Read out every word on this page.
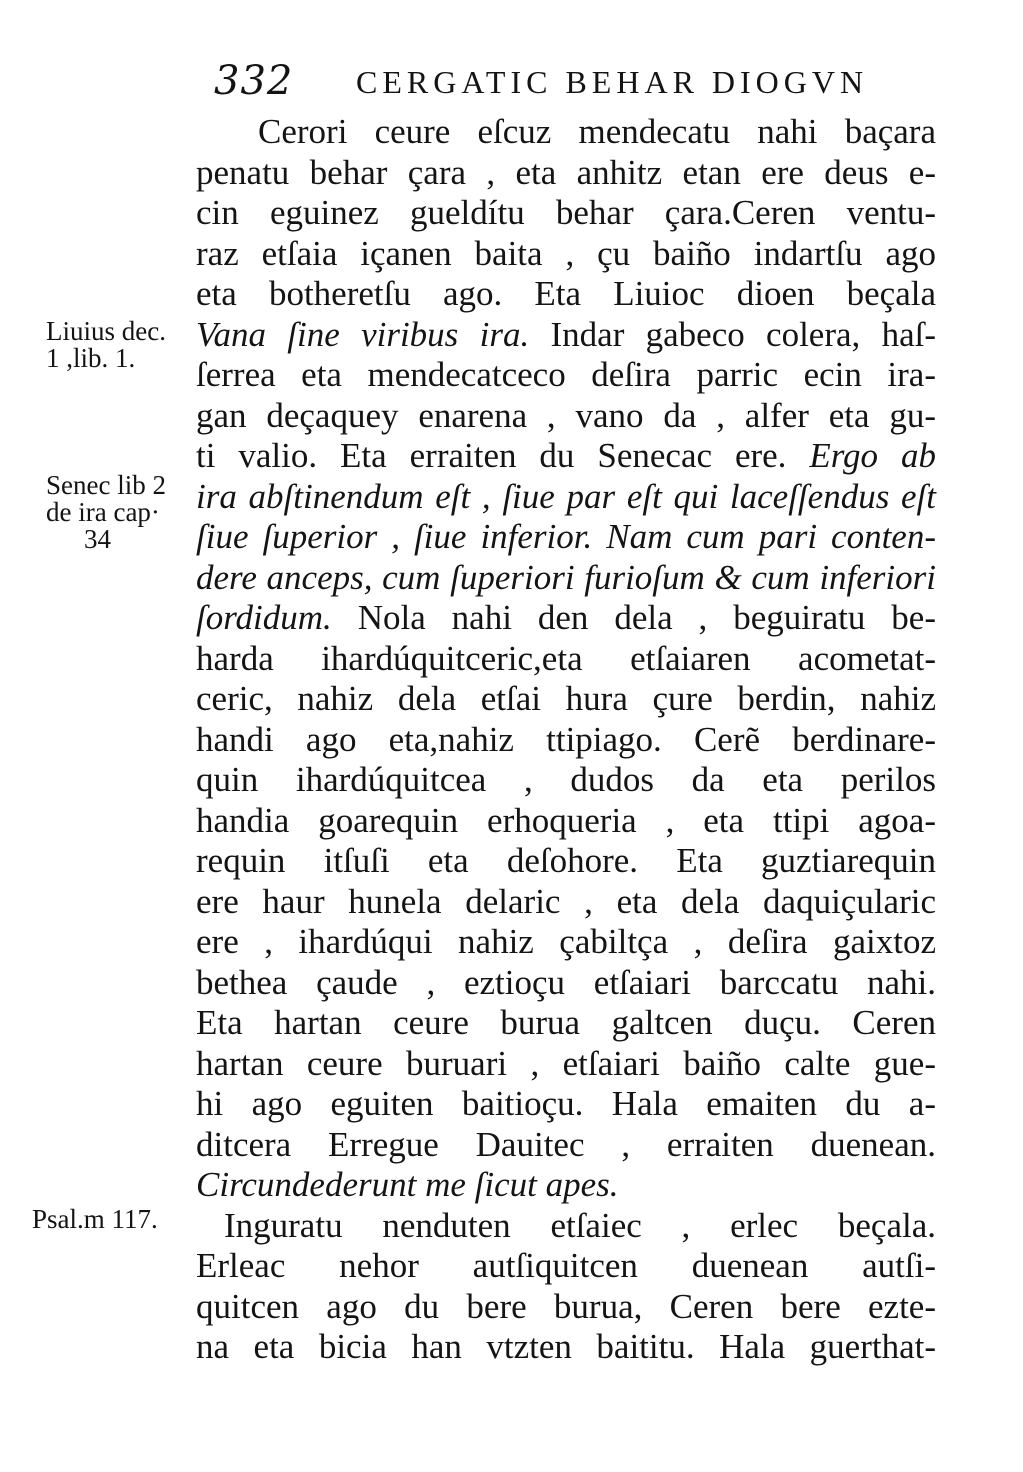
332 CERGATIC BEHAR DIOGVN
Liuius dec.
1 ,lib. 1.
Senec lib 2
de ira cap·
34
Psal.m 117.
Cerori ceure eſcuz mendecatu nahi baçara
penatu behar çara , eta anhitz etan ere deus e-
cin eguinez gueldítu behar çara.Ceren ventu-
raz etſaia içanen baita , çu baiño indartſu ago
eta botheretſu ago. Eta Liuioc dioen beçala
Vana ſine viribus ira. Indar gabeco colera, haſ-
ſerrea eta mendecatceco deſira parric ecin ira-
gan deçaquey enarena , vano da , alfer eta gu-
ti valio. Eta erraiten du Senecac ere. Ergo ab
ira abſtinendum eſt , ſiue par eſt qui laceſſendus eſt
ſiue ſuperior , ſiue inferior. Nam cum pari conten-
dere anceps, cum ſuperiori furioſum & cum inferiori
ſordidum. Nola nahi den dela , beguiratu be-
harda ihardúquitceric,eta etſaiaren acometat-
ceric, nahiz dela etſai hura çure berdin, nahiz
handi ago eta,nahiz ttipiago. Cerẽ berdinare-
quin ihardúquitcea , dudos da eta perilos
handia goarequin erhoqueria , eta ttipi agoa-
requin itſuſi eta deſohore. Eta guztiarequin
ere haur hunela delaric , eta dela daquiçularic
ere , ihardúqui nahiz çabiltça , deſira gaixtoz
bethea çaude , eztioçu etſaiari barccatu nahi.
Eta hartan ceure burua galtcen duçu. Ceren
hartan ceure buruari , etſaiari baiño calte gue-
hi ago eguiten baitioçu. Hala emaiten du a-
ditcera Erregue Dauitec , erraiten duenean.
Circundederunt me ſicut apes.
Inguratu nenduten etſaiec , erlec beçala.
Erleac nehor autſiquitcen duenean autſi-
quitcen ago du bere burua, Ceren bere ezte-
na eta bicia han vtzten baititu. Hala guerthat-
